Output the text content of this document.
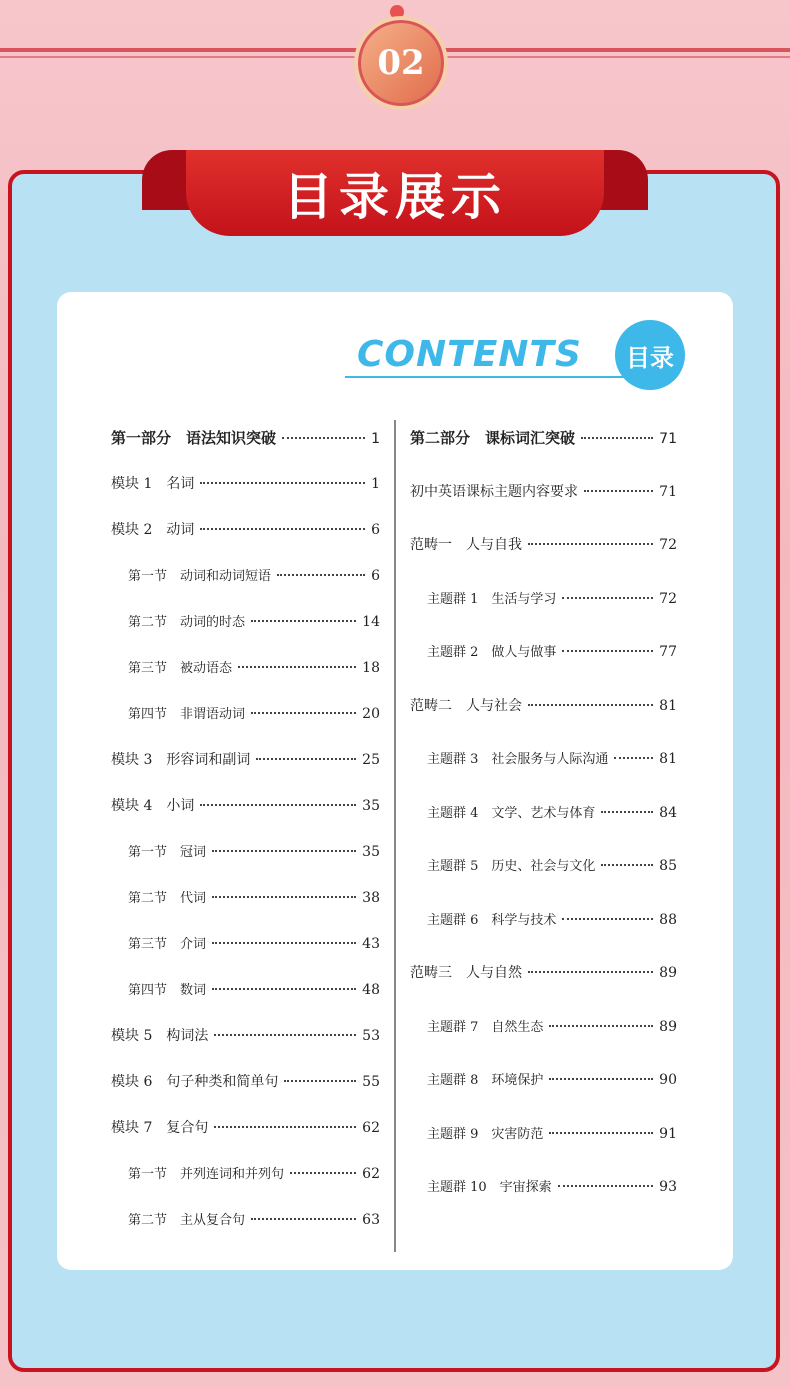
02
目录展示
CONTENTS 目录
第一部分　语法知识突破	1
模块 1　名词	1
模块 2　动词	6
第一节　动词和动词短语	6
第二节　动词的时态	14
第三节　被动语态	18
第四节　非谓语动词	20
模块 3　形容词和副词	25
模块 4　小词	35
第一节　冠词	35
第二节　代词	38
第三节　介词	43
第四节　数词	48
模块 5　构词法	53
模块 6　句子种类和简单句	55
模块 7　复合句	62
第一节　并列连词和并列句	62
第二节　主从复合句	63
第二部分　课标词汇突破	71
初中英语课标主题内容要求	71
范畴一　人与自我	72
主题群 1　生活与学习	72
主题群 2　做人与做事	77
范畴二　人与社会	81
主题群 3　社会服务与人际沟通	81
主题群 4　文学、艺术与体育	84
主题群 5　历史、社会与文化	85
主题群 6　科学与技术	88
范畴三　人与自然	89
主题群 7　自然生态	89
主题群 8　环境保护	90
主题群 9　灾害防范	91
主题群 10　宇宙探索	93
